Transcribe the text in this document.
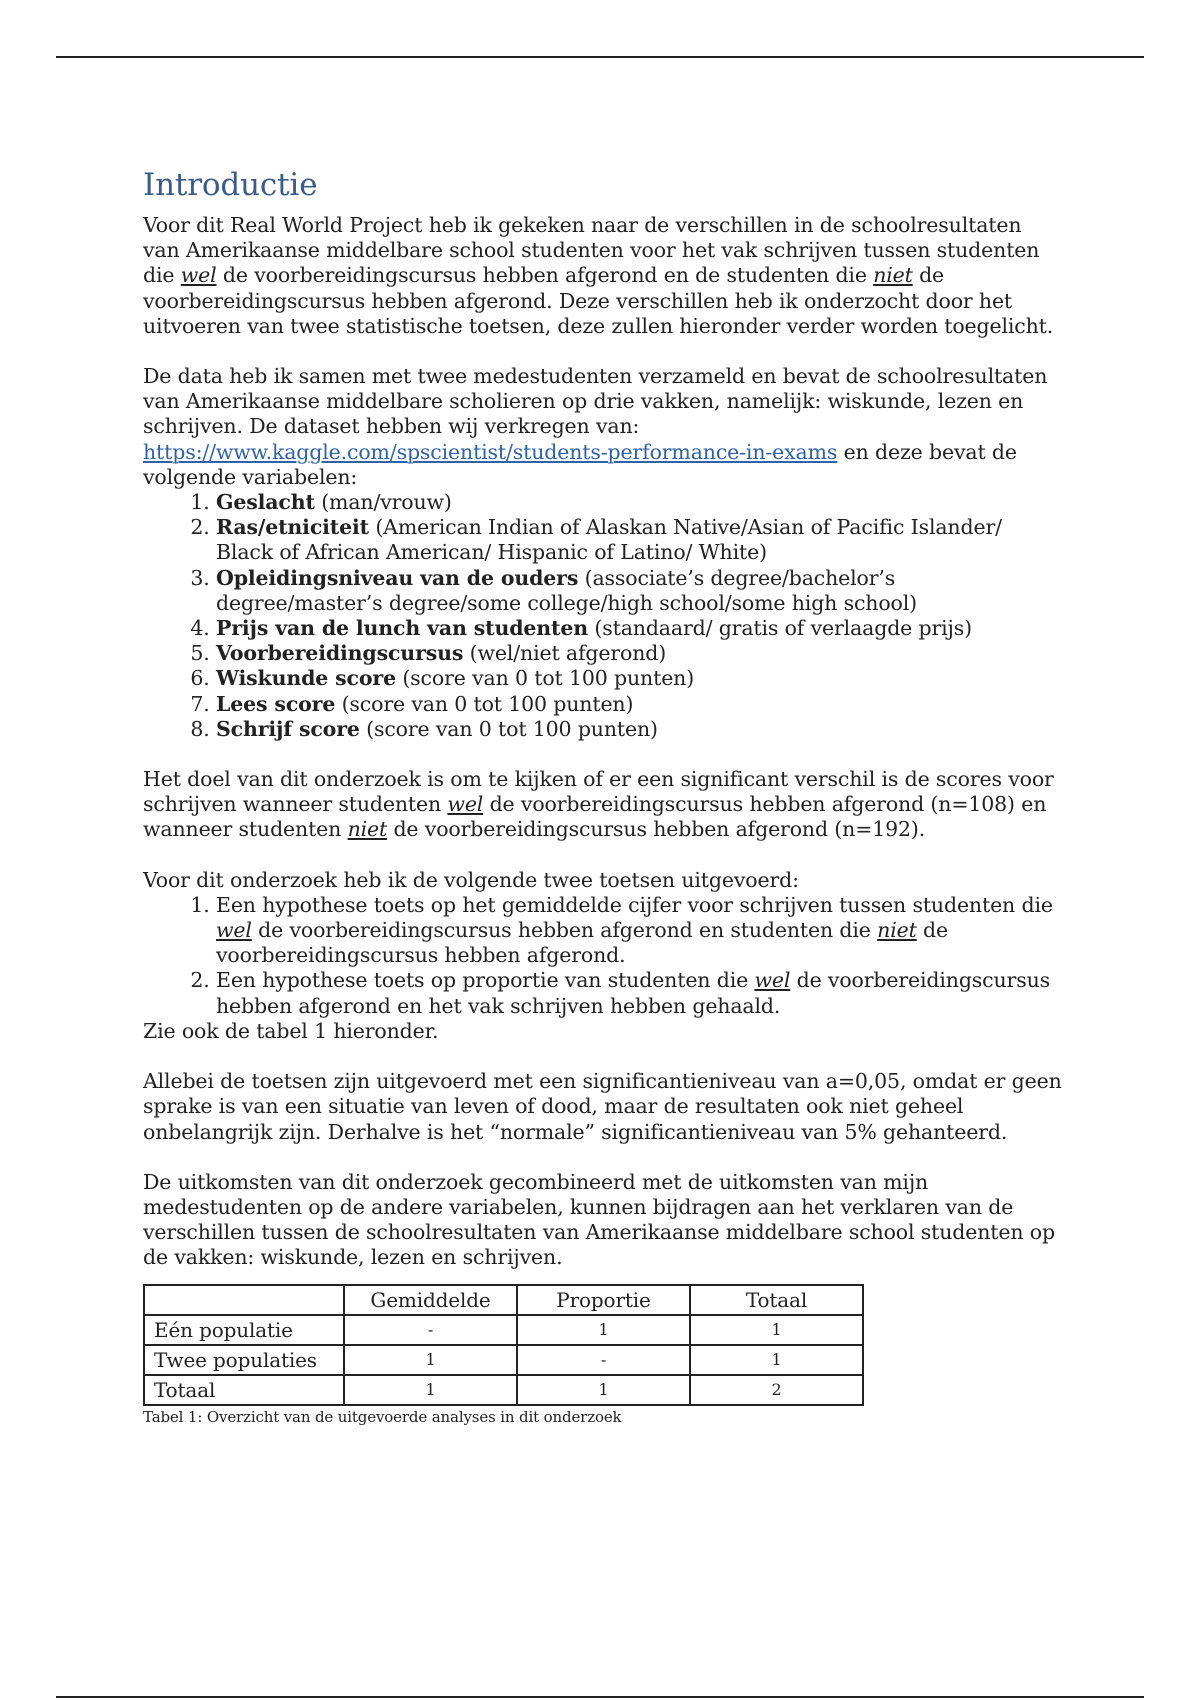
Introductie

Voor dit Real World Project heb ik gekeken naar de verschillen in de schoolresultaten van Amerikaanse middelbare school studenten voor het vak schrijven tussen studenten die wel de voorbereidingscursus hebben afgerond en de studenten die niet de voorbereidingscursus hebben afgerond. Deze verschillen heb ik onderzocht door het uitvoeren van twee statistische toetsen, deze zullen hieronder verder worden toegelicht.

De data heb ik samen met twee medestudenten verzameld en bevat de schoolresultaten van Amerikaanse middelbare scholieren op drie vakken, namelijk: wiskunde, lezen en schrijven. De dataset hebben wij verkregen van: https://www.kaggle.com/spscientist/students-performance-in-exams en deze bevat de volgende variabelen:

1. Geslacht (man/vrouw)
2. Ras/etniciteit (American Indian of Alaskan Native/Asian of Pacific Islander/ Black of African American/ Hispanic of Latino/ White)
3. Opleidingsniveau van de ouders (associate’s degree/bachelor’s degree/master’s degree/some college/high school/some high school)
4. Prijs van de lunch van studenten (standaard/ gratis of verlaagde prijs)
5. Voorbereidingscursus (wel/niet afgerond)
6. Wiskunde score (score van 0 tot 100 punten)
7. Lees score (score van 0 tot 100 punten)
8. Schrijf score (score van 0 tot 100 punten)

Het doel van dit onderzoek is om te kijken of er een significant verschil is de scores voor schrijven wanneer studenten wel de voorbereidingscursus hebben afgerond (n=108) en wanneer studenten niet de voorbereidingscursus hebben afgerond (n=192).

Voor dit onderzoek heb ik de volgende twee toetsen uitgevoerd:

1. Een hypothese toets op het gemiddelde cijfer voor schrijven tussen studenten die wel de voorbereidingscursus hebben afgerond en studenten die niet de voorbereidingscursus hebben afgerond.
2. Een hypothese toets op proportie van studenten die wel de voorbereidingscursus hebben afgerond en het vak schrijven hebben gehaald.

Zie ook de tabel 1 hieronder.

Allebei de toetsen zijn uitgevoerd met een significantieniveau van a=0,05, omdat er geen sprake is van een situatie van leven of dood, maar de resultaten ook niet geheel onbelangrijk zijn. Derhalve is het “normale” significantieniveau van 5% gehanteerd.

De uitkomsten van dit onderzoek gecombineerd met de uitkomsten van mijn medestudenten op de andere variabelen, kunnen bijdragen aan het verklaren van de verschillen tussen de schoolresultaten van Amerikaanse middelbare school studenten op de vakken: wiskunde, lezen en schrijven.

	Gemiddelde	Proportie	Totaal
Eén populatie	-	1	1
Twee populaties	1	-	1
Totaal	1	1	2
Tabel 1: Overzicht van de uitgevoerde analyses in dit onderzoek
